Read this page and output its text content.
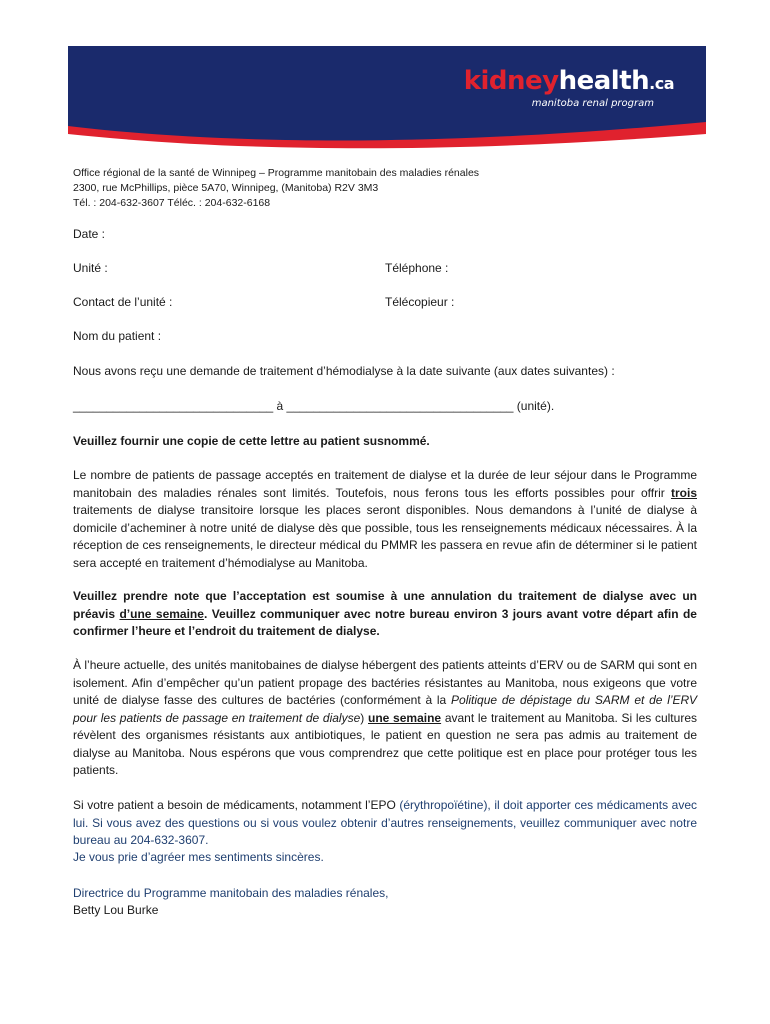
kidneyhealth.ca
manitoba renal program
Office régional de la santé de Winnipeg – Programme manitobain des maladies rénales
2300, rue McPhillips, pièce 5A70, Winnipeg, (Manitoba) R2V 3M3
Tél. : 204-632-3607 Téléc. : 204-632-6168
Date :
Unité :	Téléphone :
Contact de l’unité :	Télécopieur :
Nom du patient :
Nous avons reçu une demande de traitement d’hémodialyse à la date suivante (aux dates suivantes) :
______________________________ à __________________________________ (unité).
Veuillez fournir une copie de cette lettre au patient susnommé.
Le nombre de patients de passage acceptés en traitement de dialyse et la durée de leur séjour dans le Programme manitobain des maladies rénales sont limités. Toutefois, nous ferons tous les efforts possibles pour offrir trois traitements de dialyse transitoire lorsque les places seront disponibles. Nous demandons à l’unité de dialyse à domicile d’acheminer à notre unité de dialyse dès que possible, tous les renseignements médicaux nécessaires. À la réception de ces renseignements, le directeur médical du PMMR les passera en revue afin de déterminer si le patient sera accepté en traitement d’hémodialyse au Manitoba.
Veuillez prendre note que l’acceptation est soumise à une annulation du traitement de dialyse avec un préavis d’une semaine. Veuillez communiquer avec notre bureau environ 3 jours avant votre départ afin de confirmer l’heure et l’endroit du traitement de dialyse.
À l’heure actuelle, des unités manitobaines de dialyse hébergent des patients atteints d’ERV ou de SARM qui sont en isolement. Afin d’empêcher qu’un patient propage des bactéries résistantes au Manitoba, nous exigeons que votre unité de dialyse fasse des cultures de bactéries (conformément à la Politique de dépistage du SARM et de l’ERV pour les patients de passage en traitement de dialyse) une semaine avant le traitement au Manitoba. Si les cultures révèlent des organismes résistants aux antibiotiques, le patient en question ne sera pas admis au traitement de dialyse au Manitoba. Nous espérons que vous comprendrez que cette politique est en place pour protéger tous les patients.
Si votre patient a besoin de médicaments, notamment l’EPO (érythropoïétine), il doit apporter ces médicaments avec lui. Si vous avez des questions ou si vous voulez obtenir d’autres renseignements, veuillez communiquer avec notre bureau au 204-632-3607.
Je vous prie d’agréer mes sentiments sincères.
Directrice du Programme manitobain des maladies rénales,
Betty Lou Burke
